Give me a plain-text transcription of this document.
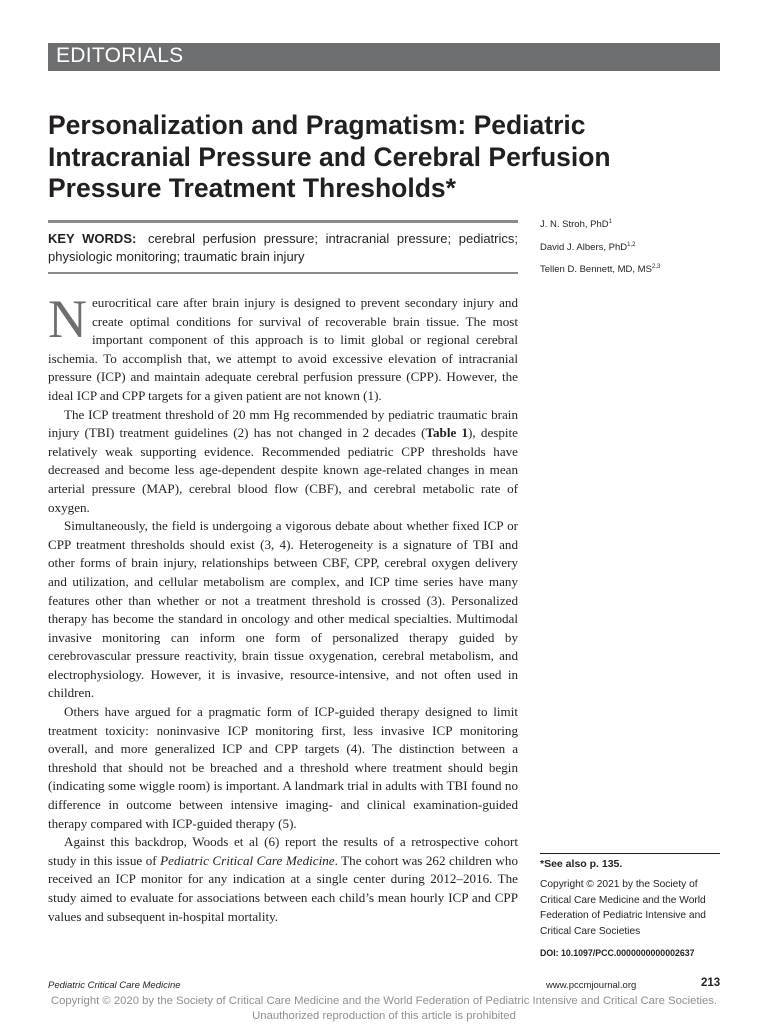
EDITORIALS
Personalization and Pragmatism: Pediatric Intracranial Pressure and Cerebral Perfusion Pressure Treatment Thresholds*

KEY WORDS: cerebral perfusion pressure; intracranial pressure; pediatrics; physiologic monitoring; traumatic brain injury

J. N. Stroh, PhD$^1$
David J. Albers, PhD$^{1,2}$
Tellen D. Bennett, MD, MS$^{2,3}$

Neurocritical care after brain injury is designed to prevent secondary injury and create optimal conditions for survival of recoverable brain tissue. The most important component of this approach is to limit global or regional cerebral ischemia. To accomplish that, we attempt to avoid excessive elevation of intracranial pressure (ICP) and maintain adequate cerebral perfusion pressure (CPP). However, the ideal ICP and CPP targets for a given patient are not known (1).

The ICP treatment threshold of 20 mm Hg recommended by pediatric traumatic brain injury (TBI) treatment guidelines (2) has not changed in 2 decades (Table 1), despite relatively weak supporting evidence. Recommended pediatric CPP thresholds have decreased and become less age-dependent despite known age-related changes in mean arterial pressure (MAP), cerebral blood flow (CBF), and cerebral metabolic rate of oxygen.

Simultaneously, the field is undergoing a vigorous debate about whether fixed ICP or CPP treatment thresholds should exist (3, 4). Heterogeneity is a signature of TBI and other forms of brain injury, relationships between CBF, CPP, cerebral oxygen delivery and utilization, and cellular metabolism are complex, and ICP time series have many features other than whether or not a treatment threshold is crossed (3). Personalized therapy has become the standard in oncology and other medical specialties. Multimodal invasive monitoring can inform one form of personalized therapy guided by cerebrovascular pressure reactivity, brain tissue oxygenation, cerebral metabolism, and electrophysiology. However, it is invasive, resource-intensive, and not often used in children.

Others have argued for a pragmatic form of ICP-guided therapy designed to limit treatment toxicity: noninvasive ICP monitoring first, less invasive ICP monitoring overall, and more generalized ICP and CPP targets (4). The distinction between a threshold that should not be breached and a threshold where treatment should begin (indicating some wiggle room) is important. A landmark trial in adults with TBI found no difference in outcome between intensive imaging- and clinical examination-guided therapy compared with ICP-guided therapy (5).

Against this backdrop, Woods et al (6) report the results of a retrospective cohort study in this issue of Pediatric Critical Care Medicine. The cohort was 262 children who received an ICP monitor for any indication at a single center during 2012–2016. The study aimed to evaluate for associations between each child’s mean hourly ICP and CPP values and subsequent in-hospital mortality.

*See also p. 135.
Copyright © 2021 by the Society of Critical Care Medicine and the World Federation of Pediatric Intensive and Critical Care Societies
DOI: 10.1097/PCC.0000000000002637
Pediatric Critical Care Medicine	www.pccmjournal.org	213
Copyright © 2020 by the Society of Critical Care Medicine and the World Federation of Pediatric Intensive and Critical Care Societies.
Unauthorized reproduction of this article is prohibited
